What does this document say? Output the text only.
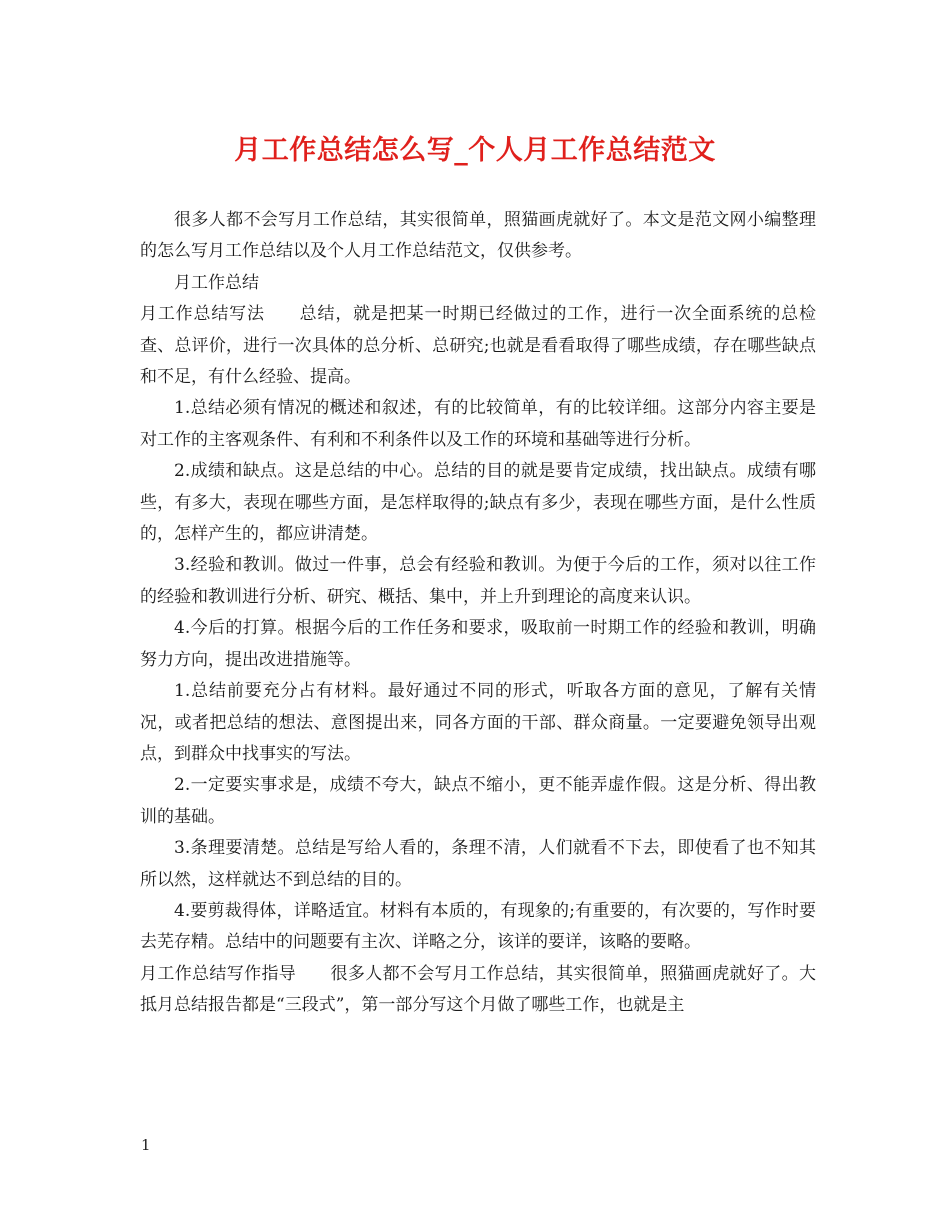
月工作总结怎么写_个人月工作总结范文

很多人都不会写月工作总结，其实很简单，照猫画虎就好了。本文是范文网小编整理的怎么写月工作总结以及个人月工作总结范文，仅供参考。

月工作总结

月工作总结写法 总结，就是把某一时期已经做过的工作，进行一次全面系统的总检查、总评价，进行一次具体的总分析、总研究;也就是看看取得了哪些成绩，存在哪些缺点和不足，有什么经验、提高。

1.总结必须有情况的概述和叙述，有的比较简单，有的比较详细。这部分内容主要是对工作的主客观条件、有利和不利条件以及工作的环境和基础等进行分析。

2.成绩和缺点。这是总结的中心。总结的目的就是要肯定成绩，找出缺点。成绩有哪些，有多大，表现在哪些方面，是怎样取得的;缺点有多少，表现在哪些方面，是什么性质的，怎样产生的，都应讲清楚。

3.经验和教训。做过一件事，总会有经验和教训。为便于今后的工作，须对以往工作的经验和教训进行分析、研究、概括、集中，并上升到理论的高度来认识。

4.今后的打算。根据今后的工作任务和要求，吸取前一时期工作的经验和教训，明确努力方向，提出改进措施等。

1.总结前要充分占有材料。最好通过不同的形式，听取各方面的意见，了解有关情况，或者把总结的想法、意图提出来，同各方面的干部、群众商量。一定要避免领导出观点，到群众中找事实的写法。

2.一定要实事求是，成绩不夸大，缺点不缩小，更不能弄虚作假。这是分析、得出教训的基础。

3.条理要清楚。总结是写给人看的，条理不清，人们就看不下去，即使看了也不知其所以然，这样就达不到总结的目的。

4.要剪裁得体，详略适宜。材料有本质的，有现象的;有重要的，有次要的，写作时要去芜存精。总结中的问题要有主次、详略之分，该详的要详，该略的要略。

月工作总结写作指导 很多人都不会写月工作总结，其实很简单，照猫画虎就好了。大抵月总结报告都是“三段式”，第一部分写这个月做了哪些工作，也就是主

1
